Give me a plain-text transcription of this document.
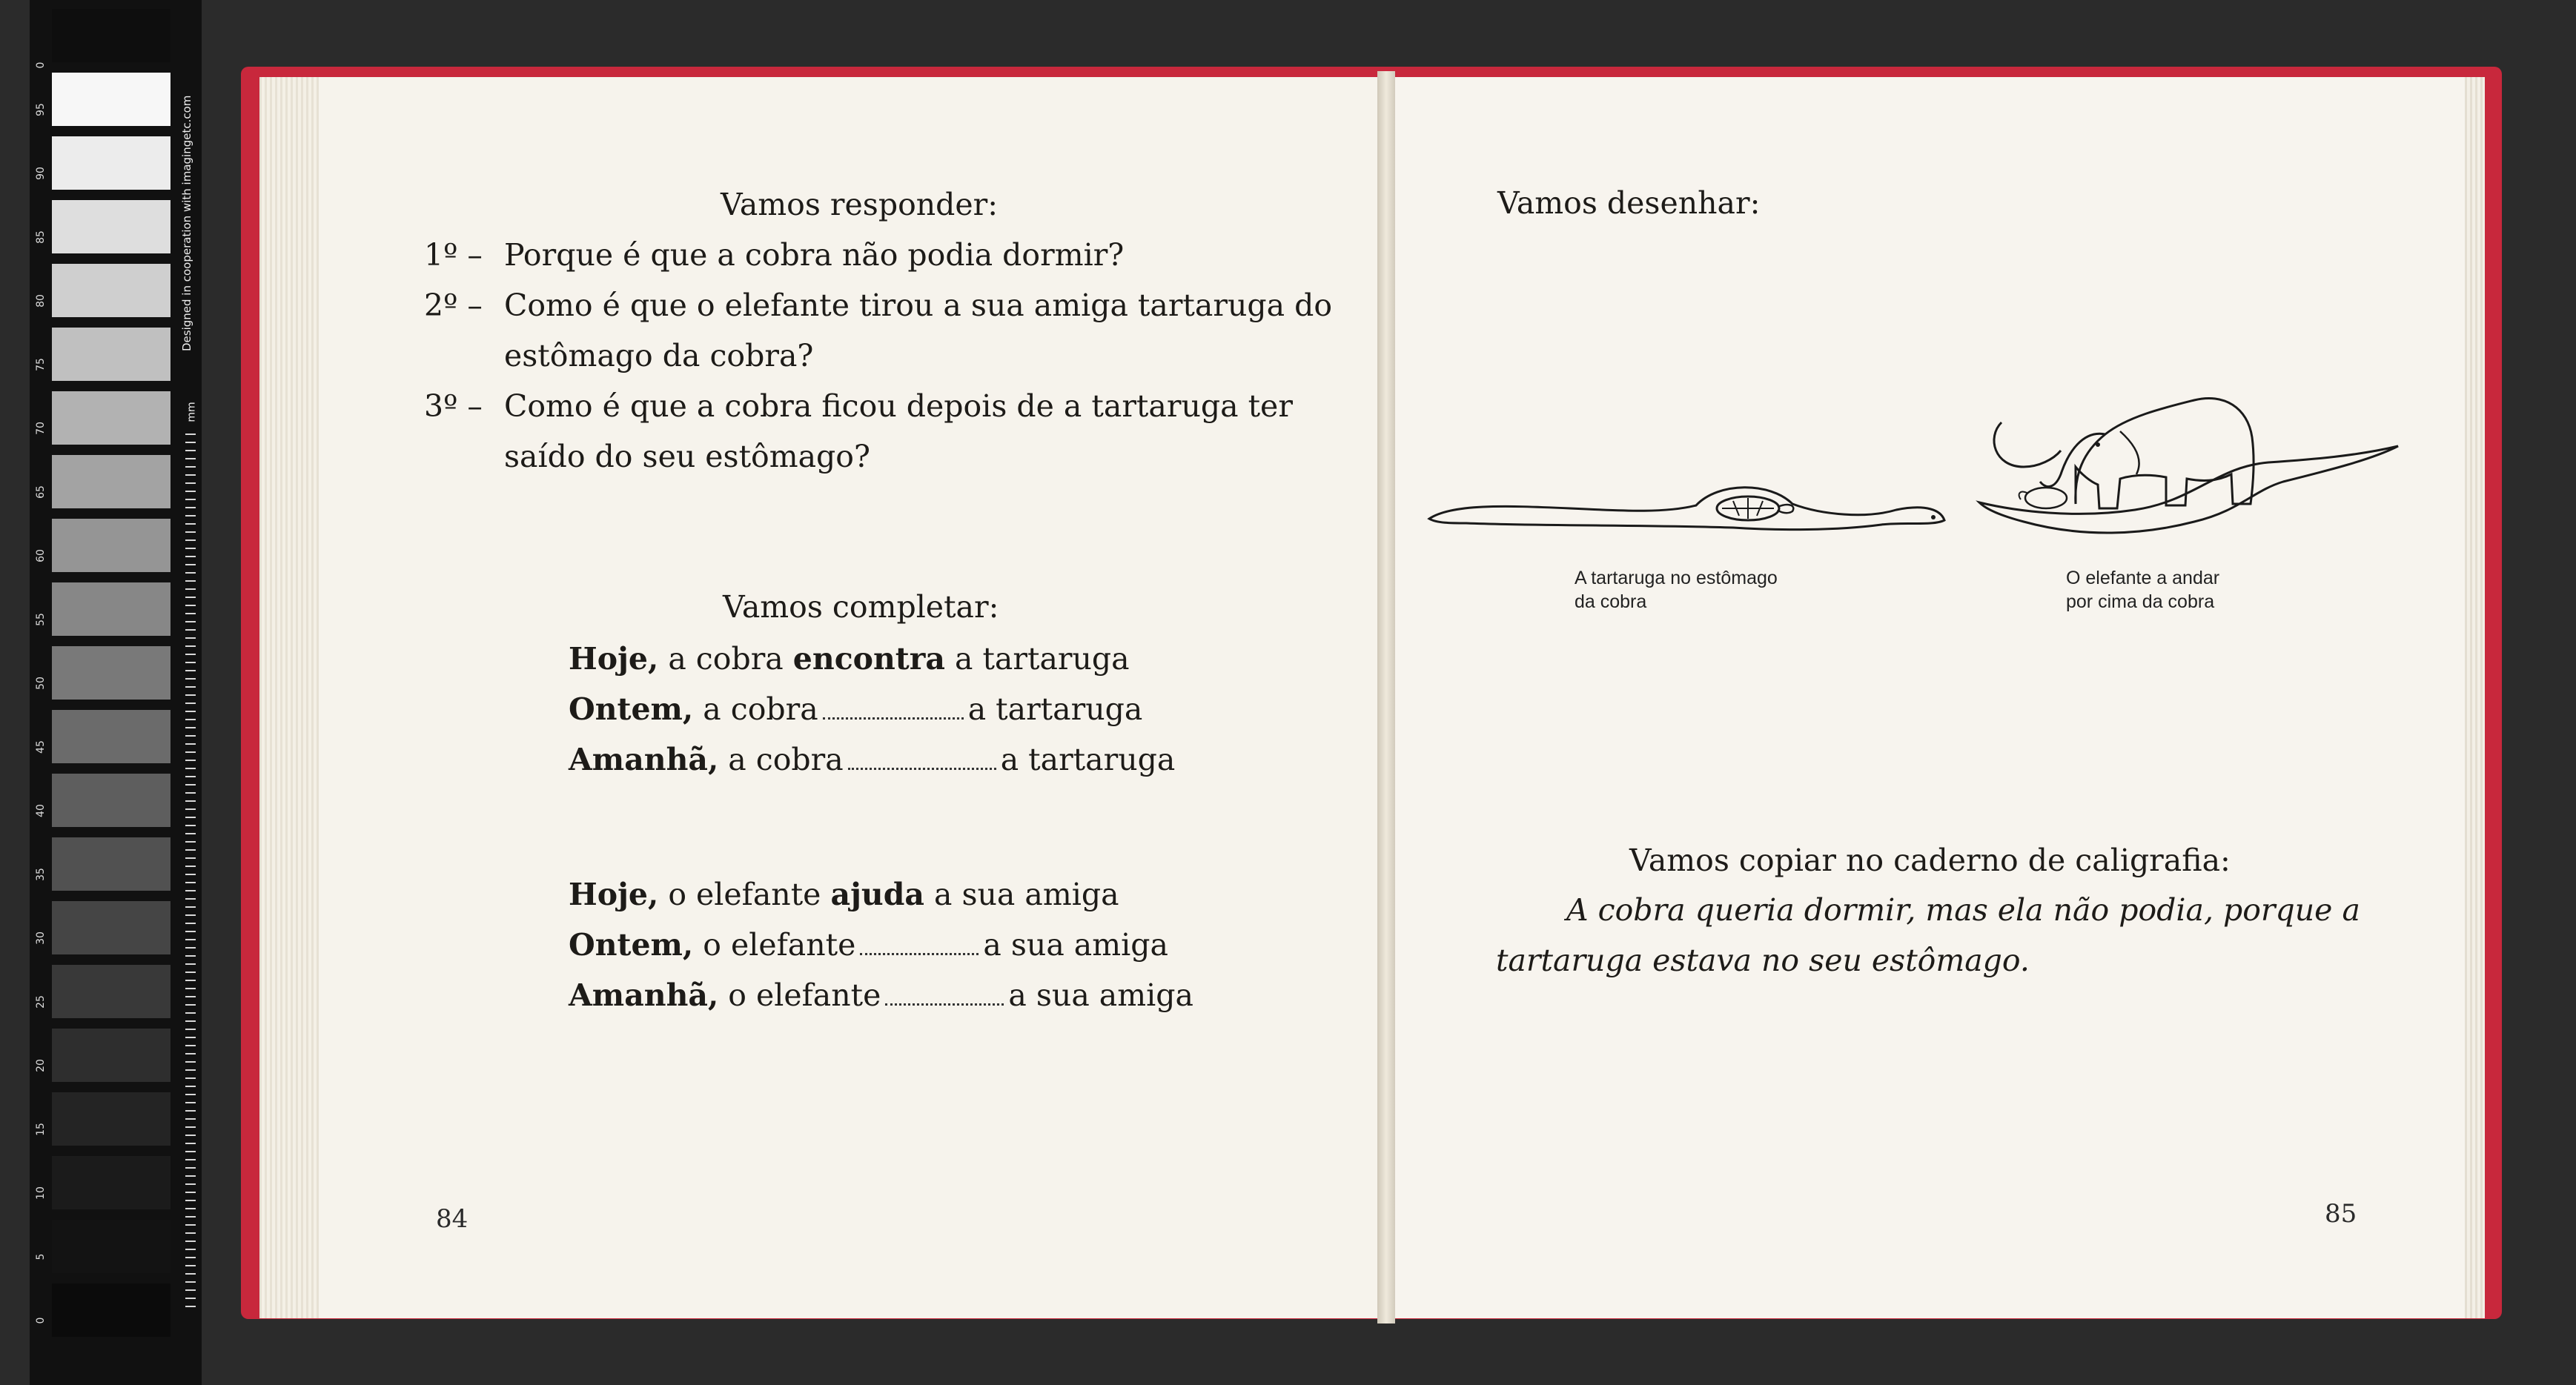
0
95
90
85
80
75
70
65
60
55
50
45
40
35
30
25
20
15
10
5
0
Designed in cooperation with imagingetc.com
mm
Vamos responder:
1º – Porque é que a cobra não podia dormir?
2º – Como é que o elefante tirou a sua amiga tartaruga do
estômago da cobra?
3º – Como é que a cobra ficou depois de a tartaruga ter
saído do seu estômago?
Vamos completar:
Hoje, a cobra encontra a tartaruga
Ontem, a cobra	a tartaruga
Amanhã, a cobra	a tartaruga
Hoje, o elefante ajuda a sua amiga
Ontem, o elefante	a sua amiga
Amanhã, o elefante	a sua amiga
84
Vamos desenhar:
A tartaruga no estômago
da cobra
O elefante a andar
por cima da cobra
Vamos copiar no caderno de caligrafia:
A cobra queria dormir, mas ela não podia, porque a
tartaruga estava no seu estômago.
85
